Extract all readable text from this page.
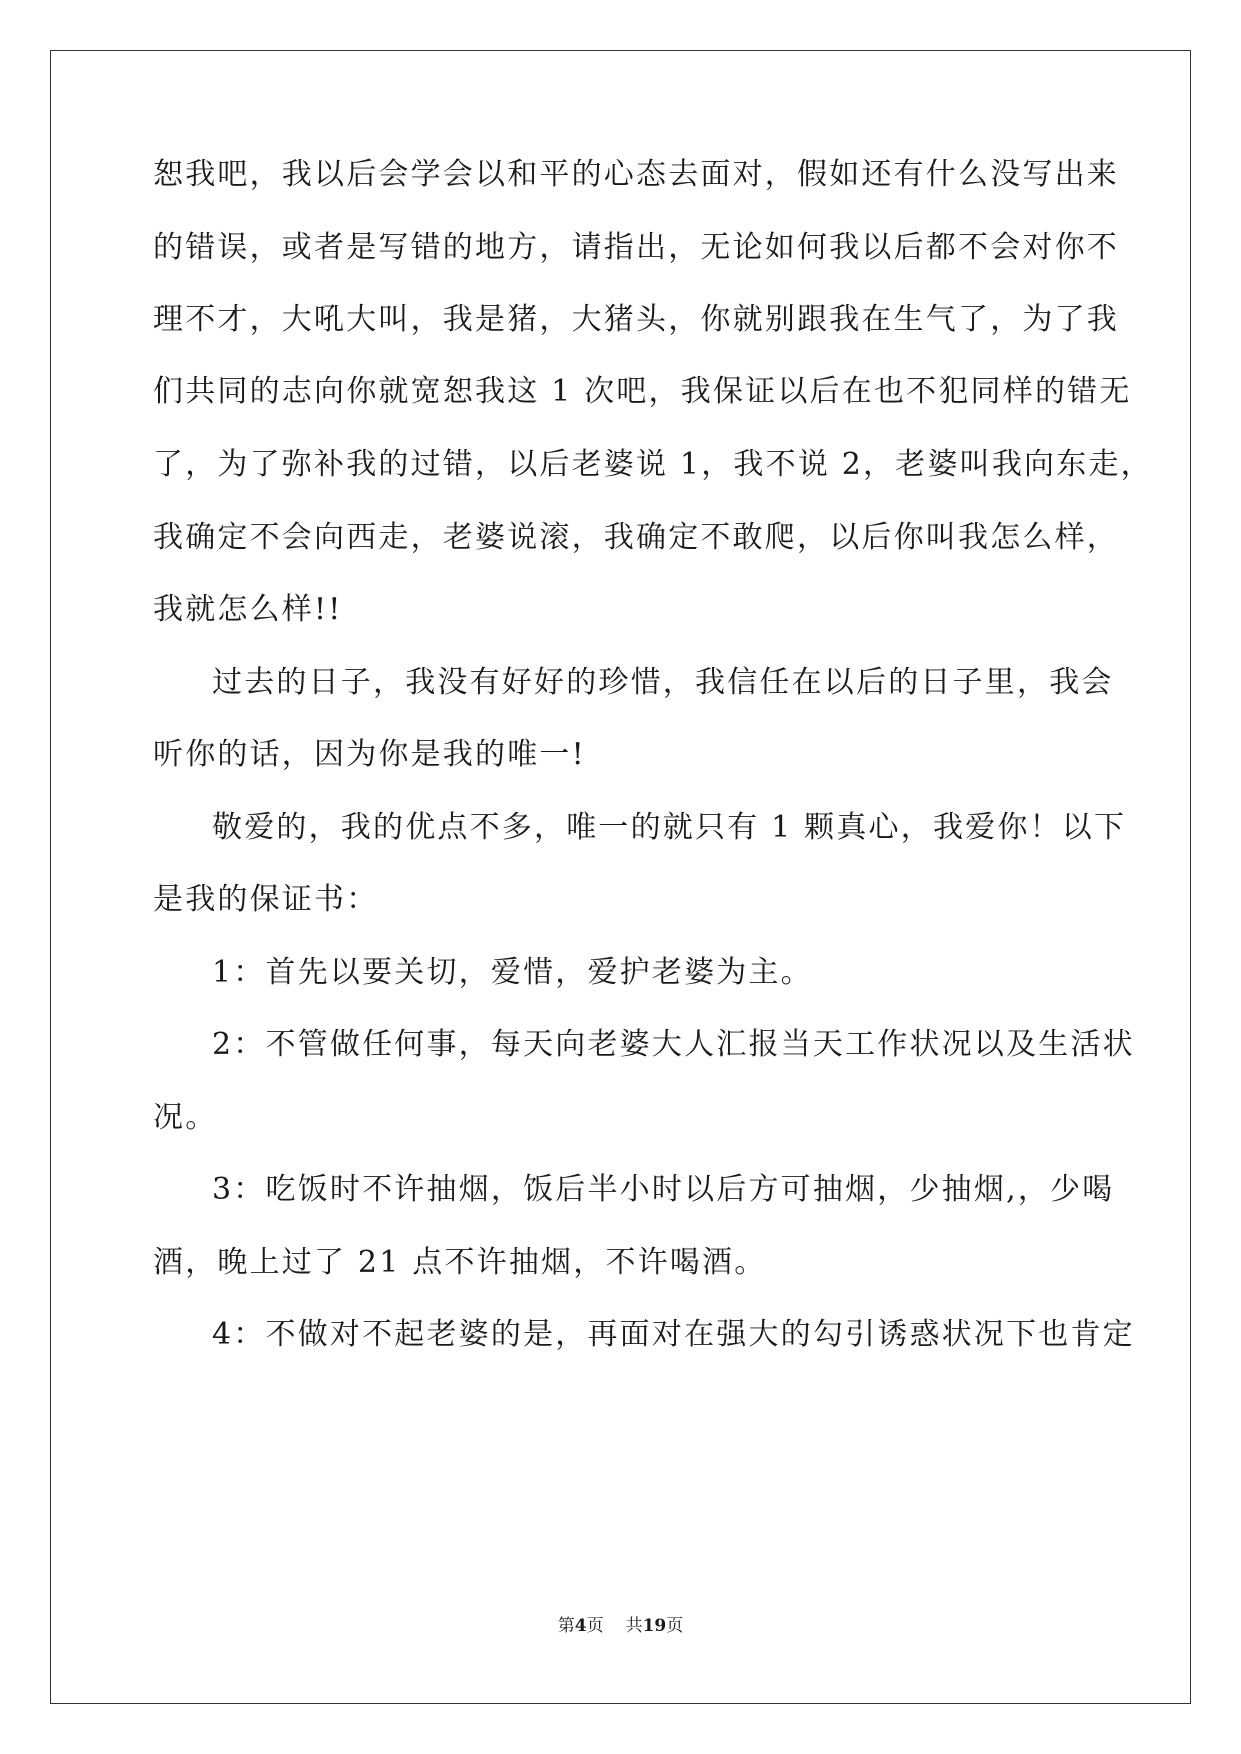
恕我吧，我以后会学会以和平的心态去面对，假如还有什么没写出来
的错误，或者是写错的地方，请指出，无论如何我以后都不会对你不
理不才，大吼大叫，我是猪，大猪头，你就别跟我在生气了，为了我
们共同的志向你就宽恕我这 1 次吧，我保证以后在也不犯同样的错无
了，为了弥补我的过错，以后老婆说 1，我不说 2，老婆叫我向东走，
我确定不会向西走，老婆说滚，我确定不敢爬，以后你叫我怎么样，
我就怎么样!!
过去的日子，我没有好好的珍惜，我信任在以后的日子里，我会
听你的话，因为你是我的唯一!
敬爱的，我的优点不多，唯一的就只有 1 颗真心，我爱你！以下
是我的保证书：
1：首先以要关切，爱惜，爱护老婆为主。
2：不管做任何事，每天向老婆大人汇报当天工作状况以及生活状
况。
3：吃饭时不许抽烟，饭后半小时以后方可抽烟，少抽烟,，少喝
酒，晚上过了 21 点不许抽烟，不许喝酒。
4：不做对不起老婆的是，再面对在强大的勾引诱惑状况下也肯定
第4页 共19页
